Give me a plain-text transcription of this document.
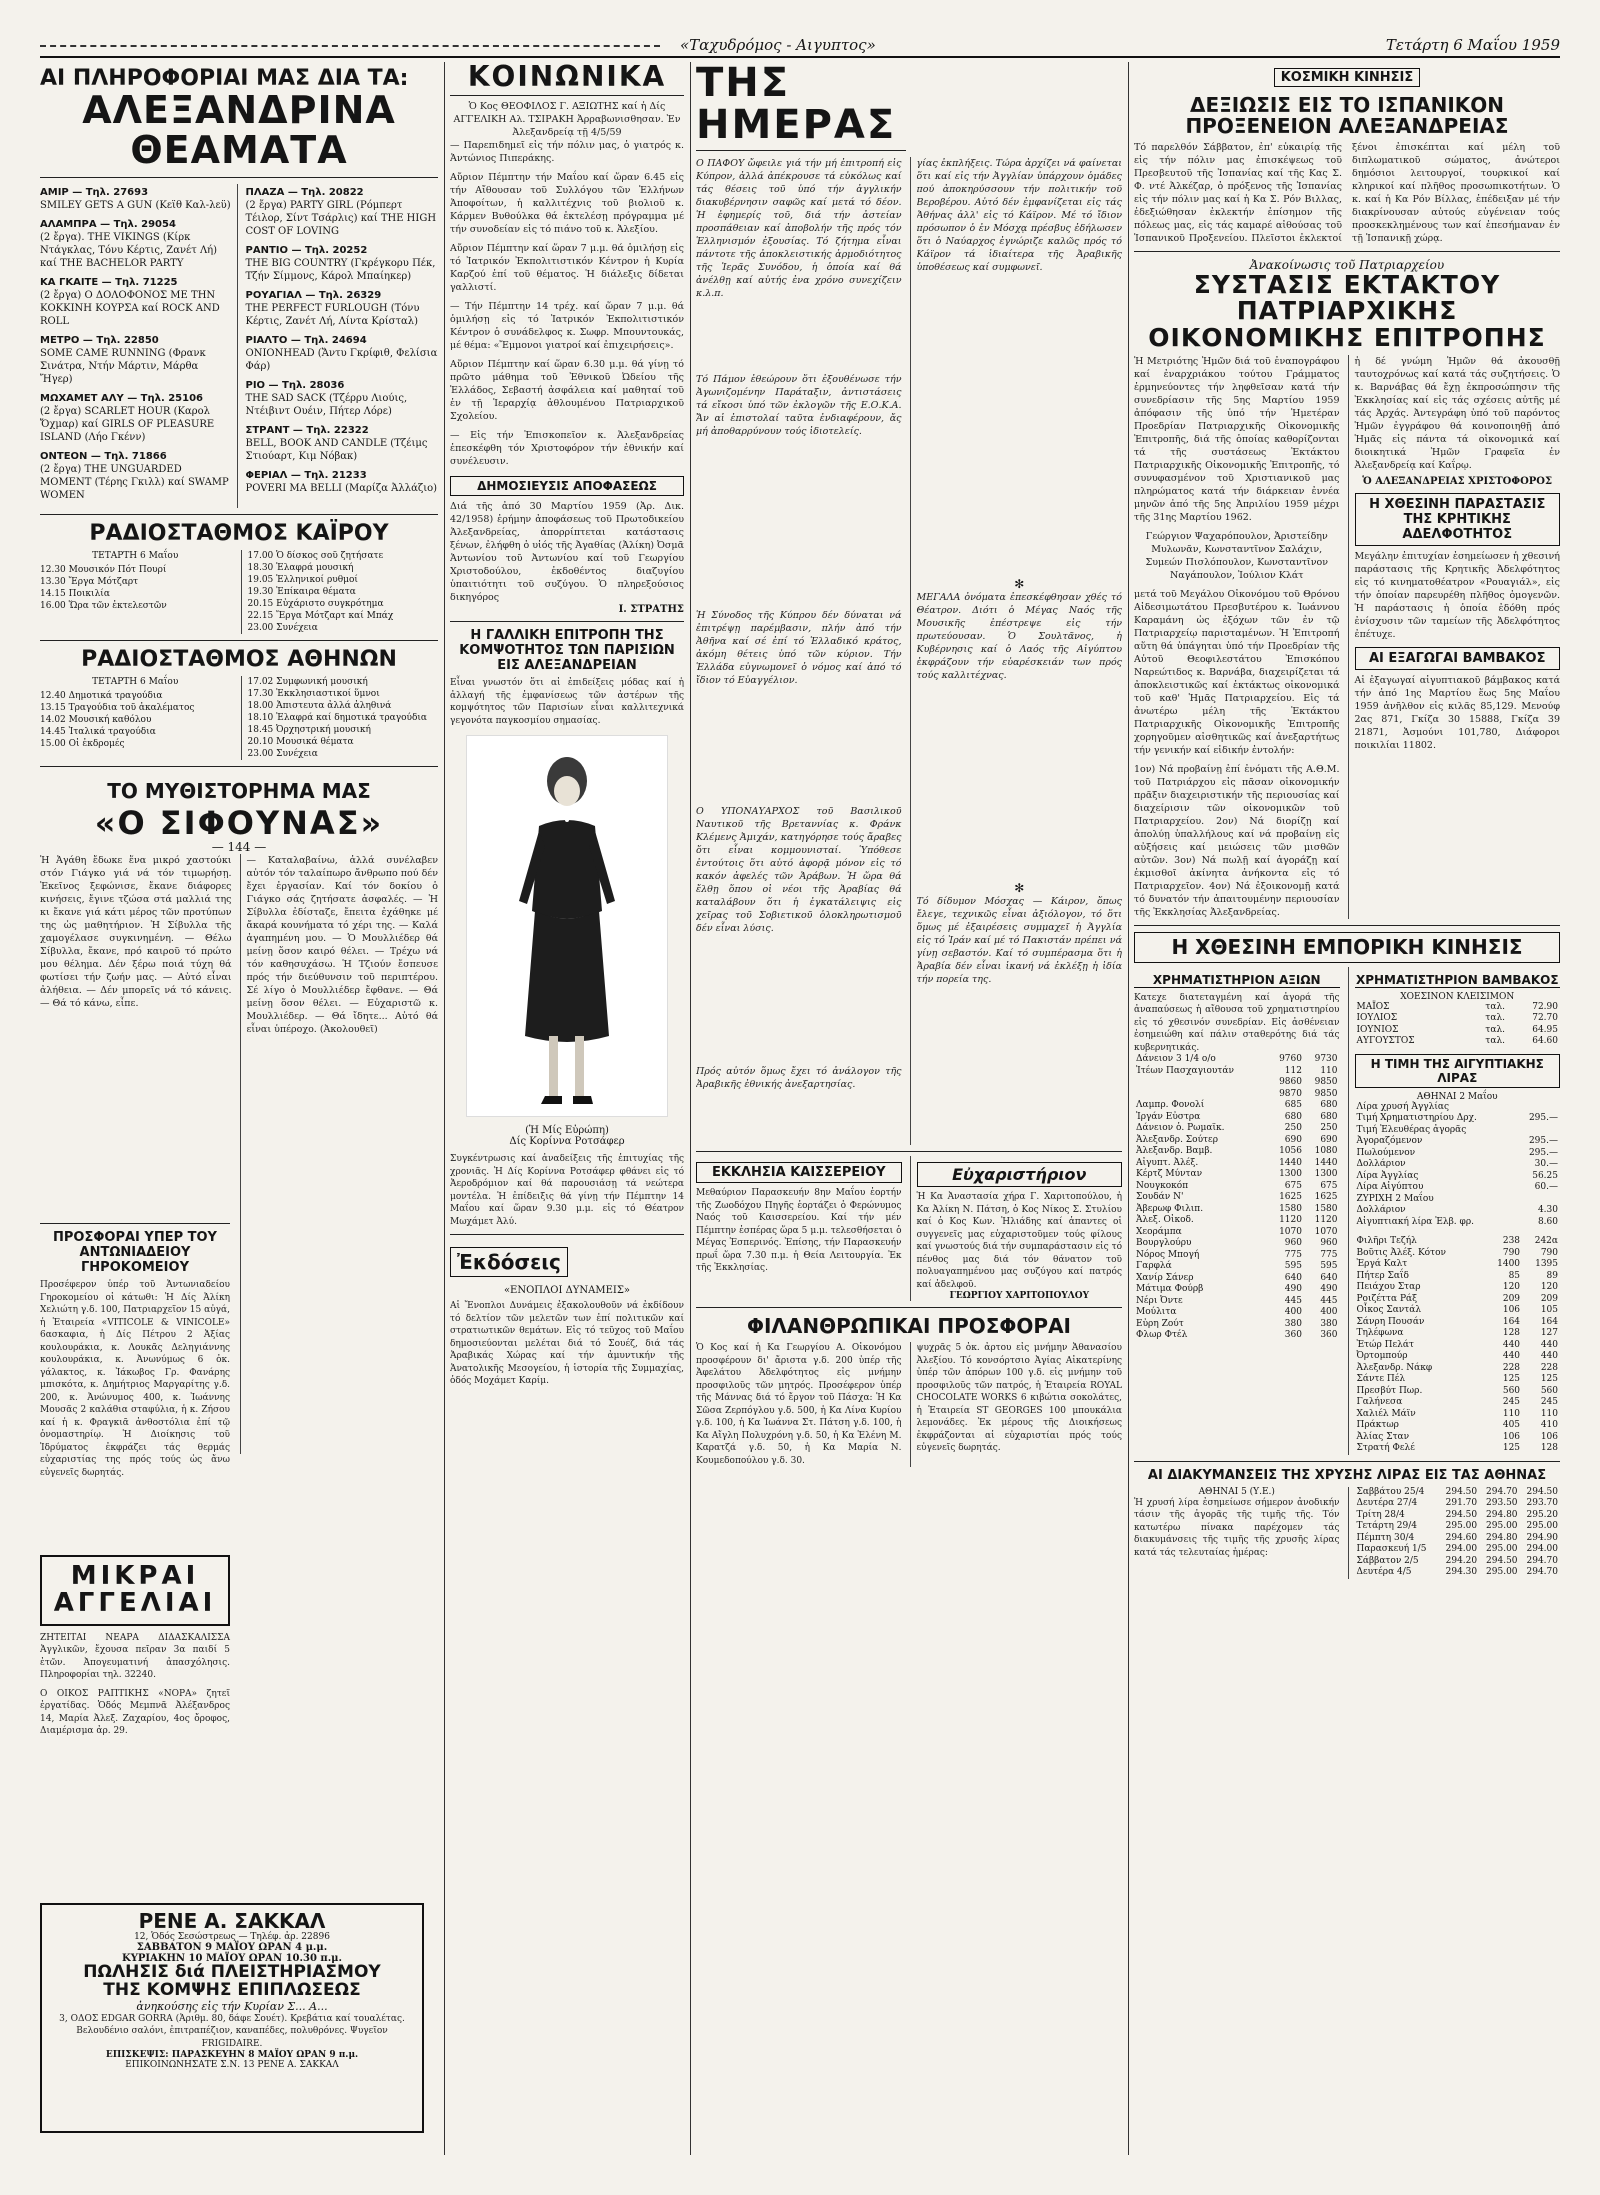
«Ταχυδρόμος - Αιγυπτος»	Τετάρτη 6 Μαΐου 1959
ΑΙ ΠΛΗΡΟΦΟΡΙΑΙ ΜΑΣ ΔΙΑ ΤΑ:
ΑΛΕΞΑΝΔΡΙΝΑ ΘΕΑΜΑΤΑ
ΑΜΙΡ — Τηλ. 27693
SMILEY GETS A GUN (Κεϊθ Καλ-λεϋ)
ΑΛΑΜΠΡΑ — Τηλ. 29054
(2 ἔργα). THE VIKINGS (Κίρκ Ντάγκλας, Τόνυ Κέρτις, Ζανέτ Λή) καί THE BACHELOR PARTY
ΚΑ ΓΚΑΙΤΕ — Τηλ. 71225
(2 ἔργα) Ο ΔΟΛΟΦΟΝΟΣ ΜΕ ΤΗΝ ΚΟΚΚΙΝΗ ΚΟΥΡΣΑ καί ROCK AND ROLL
ΜΕΤΡΟ — Τηλ. 22850
SOME CAME RUNNING (Φρανκ Σινάτρα, Ντήν Μάρτιν, Μάρθα Ἤγερ)
ΜΩΧΑΜΕΤ ΑΛΥ — Τηλ. 25106
(2 ἔργα) SCARLET HOUR (Καρολ Ὄχμαρ) καί GIRLS OF PLEASURE ISLAND (Λήο Γκένν)
ΟΝΤΕΟΝ — Τηλ. 71866
(2 ἔργα) THE UNGUARDED MOMENT (Τέρης Γκιλλ) καί SWAMP WOMEN
ΠΛΑΖΑ — Τηλ. 20822
(2 ἔργα) PARTY GIRL (Ρόμπερτ Τέιλορ, Σίντ Τσάρλις) καί THE HIGH COST OF LOVING
ΡΑΝΤΙΟ — Τηλ. 20252
THE BIG COUNTRY (Γκρέγκορυ Πέκ, Τζήν Σίμμονς, Κάρολ Μπαίηκερ)
ΡΟΥΑΓΙΑΛ — Τηλ. 26329
THE PERFECT FURLOUGH (Τόνυ Κέρτις, Ζανέτ Λή, Λίντα Κρίσταλ)
ΡΙΑΛΤΟ — Τηλ. 24694
ONIONHEAD (Ἄντυ Γκρίφιθ, Φελίσια Φάρ)
ΡΙΟ — Τηλ. 28036
THE SAD SACK (Τζέρρυ Λιούις, Ντέιβιντ Ουέιν, Πήτερ Λόρε)
ΣΤΡΑΝΤ — Τηλ. 22322
BELL, BOOK AND CANDLE (Τζέιμς Στιούαρτ, Κιμ Νόβακ)
ΦΕΡΙΑΛ — Τηλ. 21233
POVERI MA BELLI (Μαρίζα Ἀλλάζιο)
ΡΑΔΙΟΣΤΑΘΜΟΣ ΚΑΪΡΟΥ
ΤΕΤΑΡΤΗ 6 Μαΐου
12.30 Μουσικόν Πότ Πουρί
13.30 Ἔργα Μότζαρτ
14.15 Ποικιλία
16.00 Ὥρα τῶν ἐκτελεστῶν
17.00 Ὁ δίσκος σοῦ ζητήσατε
18.30 Ἑλαφρά μουσική
19.05 Ἑλληνικοί ρυθμοί
19.30 Ἐπίκαιρα θέματα
20.15 Εὐχάριστο συγκρότημα
22.15 Ἔργα Μότζαρτ καί Μπάχ
23.00 Συνέχεια
ΡΑΔΙΟΣΤΑΘΜΟΣ ΑΘΗΝΩΝ
ΤΕΤΑΡΤΗ 6 Μαΐου
12.40 Δημοτικά τραγούδια
13.15 Τραγούδια τοῦ ἀκαλέματος
14.02 Μουσική καθόλου
14.45 Ἰταλικά τραγούδια
15.00 Οἱ ἐκδρομές
17.02 Συμφωνική μουσική
17.30 Ἐκκλησιαστικοί ὕμνοι
18.00 Ἀπιστευτα ἀλλά ἀληθινά
18.10 Ἐλαφρά καί δημοτικά τραγούδια
18.45 Ὀρχηστρική μουσική
20.10 Μουσικά θέματα
23.00 Συνέχεια
ΤΟ ΜΥΘΙΣΤΟΡΗΜΑ ΜΑΣ
«Ο ΣΙΦΟΥΝΑΣ»
— 144 —

Ἡ Ἀγάθη ἔδωκε ἕνα μικρό χαστούκι στόν Γιάγκο γιά νά τόν τιμωρήσῃ. Ἐκεῖνος ξεφώνισε, ἔκανε διάφορες κινήσεις, ἔγινε τζώσα στά μαλλιά της κι ἔκανε γιά κάτι μέρος τῶν προτύπων της ὡς μαθητήριον. Ἡ Σίβυλλα τῆς χαμογέλασε συγκινημένη. — Θέλω Σίβυλλα, ἔκανε, πρό καιροῦ τό πρώτο μου θέλημα. Δέν ξέρω ποιά τύχη θά φωτίσει τήν ζωήν μας. — Αὐτό εἶναι ἀλήθεια. — Δέν μπορεῖς νά τό κάνεις. — Θά τό κάνω, εἶπε.

— Καταλαβαίνω, ἀλλά συνέλαβεν αὐτόν τόν ταλαίπωρο ἄνθρωπο πού δέν ἔχει ἐργασίαν. Καί τόν δοκίου ὁ Γιάγκο σάς ζητήσατε ἀσφαλές. — Ἡ Σίβυλλα ἐδίσταζε, ἔπειτα ἐχάθηκε μέ ἄκαρά κουνήματα τό χέρι της. — Καλά ἀγαπημένη μου. — Ὁ Μουλλιέδερ θά μείνῃ ὅσον καιρό θέλει. — Τρέχω νά τόν καθησυχάσω. Ἡ Τζιούν ἔσπευσε πρός τήν διεύθυνσιν τοῦ περιπτέρου. Σέ λίγο ὁ Μουλλιέδερ ἔφθανε. — Θά μείνῃ ὅσον θέλει. — Εὐχαριστῶ κ. Μουλλιέδερ. — Θά ἴδητε... Αὐτό θά εἶναι ὑπέροχο. (Ἀκολουθεῖ)

ΠΡΟΣΦΟΡΑΙ ΥΠΕΡ ΤΟΥ
ΑΝΤΩΝΙΑΔΕΙΟΥ ΓΗΡΟΚΟΜΕΙΟΥ

Προσέφερον ὑπέρ τοῦ Ἀντωνιαδείου Γηροκομείου οἱ κάτωθι: Ἡ Δίς Ἀλίκη Χελιώτη γ.δ. 100, Πατριαρχεῖον 15 αὐγά, ἡ Ἑταιρεία «VITICOLE & VINICOLE» 6ασκαφια, ἡ Δίς Πέτρου 2 Ἀξίας κουλουράκια, κ. Λουκᾶς Δεληγιάννης κουλουράκια, κ. Ἀνωνύμως 6 ὀκ. γάλακτος, κ. Ἰάκωβος Γρ. Φανάρης μπισκότα, κ. Δημήτριος Μαργαρίτης γ.δ. 200, κ. Ἀνώνυμος 400, κ. Ἰωάννης Μουσᾶς 2 καλάθια σταφύλια, ἡ κ. Ζήσου καί ἡ κ. Φραγκιᾶ ἀνθοστόλια ἐπί τῷ ὀνομαστηρίῳ. Ἡ Διοίκησις τοῦ Ἱδρύματος ἐκφράζει τάς θερμάς εὐχαριστίας της πρός τούς ὡς ἄνω εὐγενεῖς δωρητάς.

ΜΙΚΡΑΙ ΑΓΓΕΛΙΑΙ

ΖΗΤΕΙΤΑΙ ΝΕΑΡΑ ΔΙΔΑΣΚΑΛΙΣΣΑ Ἀγγλικῶν, ἔχουσα πεῖραν 3α παιδί 5 ἐτῶν. Ἀπογευματινή ἀπασχόλησις. Πληροφορίαι τηλ. 32240.

Ο ΟΙΚΟΣ ΡΑΠΤΙΚΗΣ «ΝΟΡΑ» ζητεῖ ἐργατίδας. Ὁδός Μεμπνᾶ Ἀλέξανδρος 14, Μαρία Ἀλεξ. Ζαχαρίου, 4ος ὄροφος, Διαμέρισμα ἀρ. 29.

ΡΕΝΕ Α. ΣΑΚΚΑΛ
12, Ὁδός Σεσώστρεως — Τηλέφ. ἀρ. 22896
ΣΑΒΒΑΤΟΝ 9 ΜΑΪΟΥ ΩΡΑΝ 4 μ.μ.
ΚΥΡΙΑΚΗΝ 10 ΜΑΪΟΥ ΩΡΑΝ 10.30 π.μ.
ΠΩΛΗΣΙΣ διά ΠΛΕΙΣΤΗΡΙΑΣΜΟΥ
ΤΗΣ ΚΟΜΨΗΣ ΕΠΙΠΛΩΣΕΩΣ
ἀνηκούσης εἰς τήν Κυρίαν Σ... Α...

3, ΟΔΟΣ EDGAR GORRA (Ἀριθμ. 80, δάφε Σουέτ). Κρεβάτια καί τουαλέτας. Βελουδένιο σαλόνι, ἐπιτραπέζιον, καναπέδες, πολυθρόνες. Ψυγεῖον FRIGIDAIRE.

ΕΠΙΣΚΕΨΙΣ: ΠΑΡΑΣΚΕΥΗΝ 8 ΜΑΪΟΥ ΩΡΑΝ 9 π.μ.
ΕΠΙΚΟΙΝΩΝΗΣΑΤΕ Σ.Ν. 13 ΡΕΝΕ Α. ΣΑΚΚΑΛ
ΚΟΙΝΩΝΙΚΑ

Ὁ Κος ΘΕΟΦΙΛΟΣ Γ. ΑΞΙΩΤΗΣ καί ἡ Δίς ΑΓΓΕΛΙΚΗ Αλ. ΤΣΙΡΑΚΗ Ἀρραβωνισθησαν. Ἐν Ἀλεξανδρείᾳ τῇ 4/5/59

— Παρεπιδημεῖ εἰς τήν πόλιν μας, ὁ γιατρός κ. Ἀντώνιος Πιπεράκης.

Αὔριον Πέμπτην τήν Μαΐου καί ὥραν 6.45 εἰς τήν Αἴθουσαν τοῦ Συλλόγου τῶν Ἑλλήνων Ἀποφοίτων, ἡ καλλιτέχνις τοῦ βιολιοῦ κ. Κάρμεν Βυθούλκα θά ἐκτελέσῃ πρόγραμμα μέ τήν συνοδείαν εἰς τό πιάνο τοῦ κ. Ἀλεξίου.

Αὔριον Πέμπτην καί ὥραν 7 μ.μ. θά ὁμιλήσῃ εἰς τό Ἰατρικόν Ἐκπολιτιστικόν Κέντρον ἡ Κυρία Καρζού ἐπί τοῦ θέματος. Ἡ διάλεξις δίδεται γαλλιστί.

— Τήν Πέμπτην 14 τρέχ. καί ὥραν 7 μ.μ. θά ὁμιλήσῃ εἰς τό Ἰατρικόν Ἐκπολιτιστικόν Κέντρον ὁ συνάδελφος κ. Σωφρ. Μπουντουκάς, μέ θέμα: «Ἔμμονοι γιατροί καί ἐπιχειρήσεις».

Αὔριον Πέμπτην καί ὥραν 6.30 μ.μ. θά γίνῃ τό πρῶτο μάθημα τοῦ Ἐθνικοῦ Ὠδείου τῆς Ἑλλάδος, Σεβαστή ἀσφάλεια καί μαθηταί τοῦ ἐν τῇ Ἱεραρχίᾳ ἀθλουμένου Πατριαρχικοῦ Σχολείου.

— Εἰς τήν Ἐπισκοπεῖον κ. Ἀλεξανδρείας ἐπεσκέφθη τόν Χριστοφόρον τήν ἐθνικήν καί συνέλευσιν.

ΔΗΜΟΣΙΕΥΣΙΣ ΑΠΟΦΑΣΕΩΣ

Διά τῆς ἀπό 30 Μαρτίου 1959 (Ἀρ. Δικ. 42/1958) ἐρήμην ἀποφάσεως τοῦ Πρωτοδικείου Ἀλεξανδρείας, ἀπορρίπτεται κατάστασις ξένων, ἐλήφθη ὁ υἱός τῆς Ἀγαθίας (Ἀλίκη) Ὀσμᾶ Ἀντωνίου τοῦ Ἀντωνίου καί τοῦ Γεωργίου Χριστοδούλου, ἐκδοθέντος διαζυγίου ὑπαιτιότητι τοῦ συζύγου. Ὁ πληρεξούσιος δικηγόρος

Ι. ΣΤΡΑΤΗΣ
Η ΓΑΛΛΙΚΗ ΕΠΙΤΡΟΠΗ ΤΗΣ
ΚΟΜΨΟΤΗΤΟΣ ΤΩΝ ΠΑΡΙΣΙΩΝ
ΕΙΣ ΑΛΕΞΑΝΔΡΕΙΑΝ

Εἶναι γνωστόν ὅτι αἱ ἐπιδείξεις μόδας καί ἡ ἀλλαγή τῆς ἐμφανίσεως τῶν ἀστέρων τῆς κομψότητος τῶν Παρισίων εἶναι καλλιτεχνικά γεγονότα παγκοσμίου σημασίας.

(Ἡ Μίς Εὐρώπη)
Δίς Κορίννα Ροτσάφερ

Συγκέντρωσις καί ἀναδείξεις τῆς ἐπιτυχίας τῆς χρονιᾶς. Ἡ Δίς Κορίννα Ροτσάφερ φθάνει εἰς τό Ἀεροδρόμιον καί θά παρουσιάσῃ τά νεώτερα μοντέλα. Ἡ ἐπίδειξις θά γίνῃ τήν Πέμπτην 14 Μαΐου καί ὥραν 9.30 μ.μ. εἰς τό Θέατρον Μωχάμετ Ἀλύ.

Ἐκδόσεις
«ΕΝΟΠΛΟΙ ΔΥΝΑΜΕΙΣ»

Αἱ Ἔνοπλοι Δυνάμεις ἐξακολουθοῦν νά ἐκδίδουν τό δελτίον τῶν μελετῶν των ἐπί πολιτικῶν καί στρατιωτικῶν θεμάτων. Εἰς τό τεῦχος τοῦ Μαΐου δημοσιεύονται μελέται διά τό Σουέζ, διά τάς Ἀραβικάς Χώρας καί τήν ἀμυντικήν τῆς Ἀνατολικῆς Μεσογείου, ἡ ἱστορία τῆς Συμμαχίας, ὁδός Μοχάμετ Καρίμ.

ΤΗΣ ΗΜΕΡΑΣ

Ο ΠΑΦΟΥ ὤφειλε γιά τήν μή ἐπιτροπή εἰς Κύπρον, ἀλλά ἀπέκρουσε τά εὐκόλως καί τάς θέσεις τοῦ ὑπό τήν ἀγγλικήν διακυβέρνησιν σαφῶς καί μετά τό δέον. Ἡ ἐφημερίς τοῦ, διά τήν ἀστείαν προσπάθειαν καί ἀποβολήν τῆς πρός τόν Ἑλληνισμόν ἐξουσίας. Τό ζήτημα εἶναι πάντοτε τῆς ἀποκλειστικής ἁρμοδιότητος τῆς Ἱερᾶς Συνόδου, ἡ ὁποία καί θά ἀνέλθῃ καί αὐτής ἐνα χρόνο συνεχίζειν κ.λ.π.

Τό Πάμον ἐθεώρουν ὅτι ἐξουθένωσε τήν Ἀγωνιζομένην Παράταξιν, ἀντιστάσεις τά εἴκοσι ὑπό τῶν ἐκλογῶν τῆς Ε.Ο.Κ.Α. Ἄν αἱ ἐπιστολαί ταῦτα ἐνδιαφέρουν, ἄς μή ἀποθαρρύνουν τούς ἰδιοτελείς.

Ἡ Σύνοδος τῆς Κύπρου δέν δύναται νά ἐπιτρέψῃ παρέμβασιν, πλήν ἀπό τήν Ἀθῆνα καί σέ ἐπί τό Ἑλλαδικό κράτος, ἀκόμη θέτεις ὑπό τῶν κύριον. Τήν Ἑλλάδα εὐγνωμονεῖ ὁ νόμος καί ἀπό τό ἴδιον τό Εὐαγγέλιον.

Ο ΥΠΟΝΑΥΑΡΧΟΣ τοῦ Βασιλικοῦ Ναυτικοῦ τῆς Βρεταννίας κ. Φράνκ Κλέμενς Ἀμιχάν, κατηγόρησε τούς ἄραβες ὅτι εἶναι κομμουνισταί. Ὑπόθεσε ἐντούτοις ὅτι αὐτό ἀφορᾷ μόνον εἰς τό κακόν ἀφελές τῶν Ἀράβων. Ἡ ὥρα θά ἔλθῃ ὅπου οἱ νέοι τῆς Ἀραβίας θά καταλάβουν ὅτι ἡ ἐγκατάλειψις εἰς χεῖρας τοῦ Σοβιετικοῦ ὁλοκληρωτισμοῦ δέν εἶναι λύσις.

Πρός αὐτόν ὅμως ἔχει τό ἀνάλογον τῆς Ἀραβικῆς ἐθνικής ἀνεξαρτησίας.

γίας ἐκπλήξεις. Τώρα ἀρχίζει νά φαίνεται ὅτι καί εἰς τήν Ἀγγλίαν ὑπάρχουν ὁμάδες πού ἀποκηρύσσουν τήν πολιτικήν τοῦ Βεροβέρου. Αὐτό δέν ἐμφανίζεται εἰς τάς Ἀθήνας ἀλλ' εἰς τό Κάϊρον. Μέ τό ἴδιον πρόσωπον ὁ ἐν Μόσχᾳ πρέσβυς ἐδήλωσεν ὅτι ὁ Ναύαρχος ἐγνώριζε καλῶς πρός τό Κάϊρον τά ἰδιαίτερα τῆς Ἀραβικῆς ὑποθέσεως καί συμφωνεῖ.

✻

ΜΕΓΑΛΑ ὀνόματα ἐπεσκέφθησαν χθές τό Θέατρον. Διότι ὁ Μέγας Ναός τῆς Μουσικῆς ἐπέστρεψε εἰς τήν πρωτεύουσαν. Ὁ Σουλτᾶνος, ἡ Κυβέρνησις καί ὁ Λαός τῆς Αἰγύπτου ἐκφράζουν τήν εὐαρέσκειάν των πρός τούς καλλιτέχνας.

✻

Τό δίδυμον Μόσχας — Κάιρον, ὅπως ἔλεγε, τεχνικῶς εἶναι ἀξιόλογον, τό ὅτι ὅμως μέ ἐξαιρέσεις συμμαχεῖ ἡ Ἀγγλία εἰς τό Ἰράν καί μέ τό Πακιστάν πρέπει νά γίνῃ σεβαστόν. Καί τό συμπέρασμα ὅτι ἡ Ἀραβία δέν εἶναι ἱκανή νά ἐκλέξῃ ἡ ἰδία τήν πορεία της.

ΕΚΚΛΗΣΙΑ ΚΑΙΣΣΕΡΕΙΟΥ

Μεθαύριον Παρασκευήν 8ην Μαΐου ἑορτήν τῆς Ζωοδόχου Πηγῆς ἑορτάζει ὁ Φερώνυμος Ναός τοῦ Καισσερείου. Καί τήν μέν Πέμπτην ἑσπέρας ὥρα 5 μ.μ. τελεσθήσεται ὁ Μέγας Ἑσπερινός. Ἐπίσης, τήν Παρασκευήν πρωΐ ὥρα 7.30 π.μ. ἡ Θεία Λειτουργία. Ἐκ τῆς Ἐκκλησίας.

Εὐχαριστήριον

Ἡ Κα Ἀναστασία χήρα Γ. Χαριτοπούλου, ἡ Κα Ἀλίκη Ν. Πάτση, ὁ Κος Νίκος Σ. Στυλίου καί ὁ Κος Κων. Ἠλιάδης καί ἁπαντες οἱ συγγενεῖς μας εὐχαριστοῦμεν τούς φίλους καί γνωστούς διά τήν συμπαράστασιν εἰς τό πένθος μας διά τόν θάνατον τοῦ πολυαγαπημένου μας συζύγου καί πατρός καί ἀδελφοῦ.

ΓΕΩΡΓΙΟΥ ΧΑΡΙΤΟΠΟΥΛΟΥ
ΦΙΛΑΝΘΡΩΠΙΚΑΙ ΠΡΟΣΦΟΡΑΙ

Ὁ Κος καί ἡ Κα Γεωργίου Α. Οἰκονόμου προσφέρουν δι' ἄριστα γ.δ. 200 ὑπέρ τῆς Ἀφελάτου Ἀδελφότητος εἰς μνήμην προσφιλοῦς τῶν μητρός. Προσέφερον ὑπέρ τῆς Μάννας διά τό ἔργον τοῦ Πάσχα: Ἡ Κα Σῶσα Ζερπόγλου γ.δ. 500, ἡ Κα Λίνα Κυρίου γ.δ. 100, ἡ Κα Ἰωάννα Στ. Πάτση γ.δ. 100, ἡ Κα Αἴγλη Πολυχρόνη γ.δ. 50, ἡ Κα Ἑλένη Μ. Καρατζά γ.δ. 50, ἡ Κα Μαρία Ν. Κουμεδοπούλου γ.δ. 30.

ψυχρᾶς 5 ὀκ. ἀρτου εἰς μνήμην Ἀθανασίου Ἀλεξίου. Τό κονσόρτσιο Ἀγίας Αἰκατερίνης ὑπέρ τῶν ἀπόρων 100 γ.δ. εἰς μνήμην τοῦ προσφιλοῦς τῶν πατρός, ἡ Ἑταιρεία ROYAL CHOCOLATE WORKS 6 κιβώτια σοκολάτες, ἡ Ἑταιρεία ST GEORGES 100 μπουκάλια λεμονάδες. Ἐκ μέρους τῆς Διοικήσεως ἐκφράζονται αἱ εὐχαριστίαι πρός τούς εὐγενεῖς δωρητάς.

ΚΟΣΜΙΚΗ ΚΙΝΗΣΙΣ
ΔΕΞΙΩΣΙΣ ΕΙΣ ΤΟ ΙΣΠΑΝΙΚΟΝ ΠΡΟΞΕΝΕΙΟΝ ΑΛΕΞΑΝΔΡΕΙΑΣ

Τό παρελθόν Σάββατον, ἐπ' εὐκαιρίᾳ τῆς εἰς τήν πόλιν μας ἐπισκέψεως τοῦ Πρεσβευτοῦ τῆς Ἱσπανίας καί τῆς Κας Σ. Φ. ντέ Ἀλκέζαρ, ὁ πρόξενος τῆς Ἱσπανίας εἰς τήν πόλιν μας καί ἡ Κα Σ. Ρόν Βιλλας, ἐδεξιώθησαν ἐκλεκτήν ἐπίσημον τῆς πόλεως μας, εἰς τάς καμαρέ αἰθούσας τοῦ Ἱσπανικοῦ Προξενείου. Πλεῖστοι ἐκλεκτοί ξένοι ἐπισκέπται καί μέλη τοῦ διπλωματικοῦ σώματος, ἀνώτεροι δημόσιοι λειτουργοί, τουρκικοί καί κληρικοί καί πλῆθος προσωπικοτήτων. Ὁ κ. καί ἡ Κα Ρόν Βίλλας, ἐπέδειξαν μέ τήν διακρίνουσαν αὐτούς εὐγένειαν τούς προσκεκλημένους των καί ἐπεσήμαναν ἐν τῇ Ἱσπανικῇ χώρᾳ.

Ἀνακοίνωσις τοῦ Πατριαρχείου
ΣΥΣΤΑΣΙΣ ΕΚΤΑΚΤΟΥ ΠΑΤΡΙΑΡΧΙΚΗΣ ΟΙΚΟΝΟΜΙΚΗΣ ΕΠΙΤΡΟΠΗΣ

Ἡ Μετριότης Ἡμῶν διά τοῦ ἐναπογράφου καί ἐναρχριάκου τούτου Γράμματος ἑρμηνεύοντες τήν ληφθεῖσαν κατά τήν συνεδρίασιν τῆς 5ης Μαρτίου 1959 ἀπόφασιν τῆς ὑπό τήν Ἡμετέραν Προεδρίαν Πατριαρχικῆς Οἰκονομικῆς Ἐπιτροπῆς, διά τῆς ὁποίας καθορίζονται τά τῆς συστάσεως Ἐκτάκτου Πατριαρχικῆς Οἰκονομικῆς Ἐπιτροπῆς, τό συνυφασμένον τοῦ Χριστιανικοῦ μας πληρώματος κατά τήν διάρκειαν ἐννέα μηνῶν ἀπό τῆς 5ης Ἀπριλίου 1959 μέχρι τῆς 31ης Μαρτίου 1962.

Γεώργιον Ψαχαρόπουλον, Ἀριστείδην Μυλωνᾶν, Κωνσταντῖνον Σαλάχιν, Συμεών Πισλόπουλον, Κωνσταντῖνον Ναγάπουλον, Ἰούλιον Κλάτ

μετά τοῦ Μεγάλου Οἰκονόμου τοῦ Θρόνου Αἰδεσιμωτάτου Πρεσβυτέρου κ. Ἰωάννου Καραμάνη ὡς ἐξόχων τῶν ἐν τῷ Πατριαρχείῳ παρισταμένων. Ἡ Ἐπιτροπή αὕτη θά ὑπάγηται ὑπό τήν Προεδρίαν τῆς Αὐτοῦ Θεοφιλεστάτου Ἐπισκόπου Ναρεώτιδος κ. Βαρνάβα, διαχειρίζεται τά ἀποκλειστικῶς καί ἐκτάκτως οἰκονομικά τοῦ καθ' Ἡμᾶς Πατριαρχείου. Εἰς τά ἀνωτέρω μέλη τῆς Ἐκτάκτου Πατριαρχικῆς Οἰκονομικῆς Ἐπιτροπῆς χορηγοῦμεν αἰσθητικῶς καί ἀνεξαρτήτως τήν γενικήν καί εἰδικήν ἐντολήν:

1ον) Νά προβαίνῃ ἐπί ἐνόματι τῆς Α.Θ.Μ. τοῦ Πατριάρχου εἰς πᾶσαν οἰκονομικήν πρᾶξιν διαχειριστικήν τῆς περιουσίας καί διαχείρισιν τῶν οἰκονομικῶν τοῦ Πατριαρχείου. 2ον) Νά διορίζῃ καί ἀπολύῃ ὑπαλλήλους καί νά προβαίνῃ εἰς αὐξήσεις καί μειώσεις τῶν μισθῶν αὐτῶν. 3ον) Νά πωλῇ καί ἀγοράζῃ καί ἐκμισθοῖ ἀκίνητα ἀνήκοντα εἰς τό Πατριαρχεῖον. 4ον) Νά ἐξοικονομῇ κατά τό δυνατόν τήν ἀπαιτουμένην περιουσίαν τῆς Ἐκκλησίας Ἀλεξανδρείας.

ἡ δέ γνώμη Ἡμῶν θά ἀκουσθῇ ταυτοχρόνως καί κατά τάς συζητήσεις. Ὁ κ. Βαρνάβας θά ἔχῃ ἐκπροσώπησιν τῆς Ἐκκλησίας καί εἰς τάς σχέσεις αὐτῆς μέ τάς Ἀρχάς. Ἀντεγράφη ὑπό τοῦ παρόντος Ἡμῶν ἐγγράφου θά κοινοποιηθῇ ἀπό Ἡμᾶς εἰς πάντα τά οἰκονομικά καί διοικητικά Ἡμῶν Γραφεῖα ἐν Ἀλεξανδρείᾳ καί Καΐρῳ.

Ὁ ΑΛΕΞΑΝΔΡΕΙΑΣ ΧΡΙΣΤΟΦΟΡΟΣ
Η ΧΘΕΣΙΝΗ ΠΑΡΑΣΤΑΣΙΣ ΤΗΣ ΚΡΗΤΙΚΗΣ ΑΔΕΛΦΟΤΗΤΟΣ

Μεγάλην ἐπιτυχίαν ἐσημείωσεν ἡ χθεσινή παράστασις τῆς Κρητικῆς Ἀδελφότητος εἰς τό κινηματοθέατρον «Ρουαγιάλ», εἰς τήν ὁποίαν παρευρέθη πλῆθος ὁμογενῶν. Ἡ παράστασις ἡ ὁποία ἐδόθη πρός ἐνίσχυσιν τῶν ταμείων τῆς Ἀδελφότητος ἐπέτυχε.

ΑΙ ΕΞΑΓΩΓΑΙ ΒΑΜΒΑΚΟΣ

Αἱ ἐξαγωγαί αἰγυπτιακοῦ βάμβακος κατά τήν ἀπό 1ης Μαρτίου ἕως 5ης Μαΐου 1959 ἀνῆλθον εἰς κιλᾶς 85,129. Μενούφ 2ας 871, Γκίζα 30 15888, Γκίζα 39 21871, Ἀσμούνι 101,780, Διάφοροι ποικιλίαι 11802.

Η ΧΘΕΣΙΝΗ ΕΜΠΟΡΙΚΗ ΚΙΝΗΣΙΣ
ΧΡΗΜΑΤΙΣΤΗΡΙΟΝ ΑΞΙΩΝ

Κατεχε διατεταγμένη καί ἀγορά τῆς ἀναπαύσεως ἡ αἴθουσα τοῦ χρηματιστηρίου εἰς τό χθεσινόν συνεδρίαν. Εἰς ἀσθένειαν ἐσημειώθη καί πάλιν σταθερότης διά τάς κυβερνητικάς.

Δάνειον 3 1/4 ο/ο	9760	9730
Ἰτέων Πασχαγιουτάν	112	110
	9860	9850
	9870	9850
Λαμπρ. Φονολί	685	680
Ἰργάν Εὐστρα	680	680
Δάνειον ὁ. Ρωμαϊκ.	250	250
Ἀλεξανδρ. Σούτερ	690	690
Ἀλεξανδρ. Βαμβ.	1056	1080
Αἰγυπτ. Ἀλέξ.	1440	1440
Κέρτζ Μύνταν	1300	1300
Νουγκοκόπ	675	675
Σουδάν Ν'	1625	1625
Ἀβερωφ Φιλιπ.	1580	1580
Ἀλεξ. Οἰκοδ.	1120	1120
Χεοράμπα	1070	1070
Βουργλούρυ	960	960
Νόρος Μπογή	775	775
Γαρφλά	595	595
Χανίρ Σάνερ	640	640
Μάτιμα Φούρβ	490	490
Νέρι Ὀντε	445	445
Μούλιτα	400	400
Εὐρη Ζούτ	380	380
Φλωρ Φτέλ	360	360
ΧΡΗΜΑΤΙΣΤΗΡΙΟΝ ΒΑΜΒΑΚΟΣ
ΧΟΕΣΙΝΟΝ ΚΛΕΙΣΙΜΟΝ
ΜΑΪΟΣ	ταλ.	72.90
ΙΟΥΛΙΟΣ	ταλ.	72.70
ΙΟΥΝΙΟΣ	ταλ.	64.95
ΑΥΓΟΥΣΤΟΣ	ταλ.	64.60
Η ΤΙΜΗ ΤΗΣ ΑΙΓΥΠΤΙΑΚΗΣ ΛΙΡΑΣ
ΑΘΗΝΑΙ 2 Μαΐου
Λίρα χρυσή Ἀγγλίας	
Τιμή Χρηματιστηρίου Δρχ.	295.—
Τιμή Ἐλευθέρας ἀγορᾶς	
Ἀγοραζόμενον	295.—
Πωλούμενον	295.—
Δολλάριον	30.—
Λίρα Ἀγγλίας	56.25
Λίρα Αἰγύπτου	60.—
ΖΥΡΙΧΗ 2 Μαΐου	
Δολλάριον	4.30
Αἰγυπτιακή λίρα Ἐλβ. φρ.	8.60
Φιλῆρι Τεζήλ	238	242α
Βοῦτις Ἀλέξ. Κότον	790	790
Ἐργά Καλτ	1400	1395
Πήτερ Σαΐδ	85	89
Πειάχου Σταρ	120	120
Ροιζέττα Ράξ	209	209
Οἶκος Σαντάλ	106	105
Σάνρη Πουσάν	164	164
Τηλέφωνα	128	127
Ἐτώρ Πελάτ	440	440
Ὀρτομπούρ	440	440
Ἀλεξανδρ. Νάκφ	228	228
Σάντε Πέλ	125	125
Πρεσβύτ Πωρ.	560	560
Γαλήνεσα	245	245
Χαλιέλ Μάϊν	110	110
Πράκτωρ	405	410
Ἀλίας Σταν	106	106
Στρατή Φελέ	125	128
ΑΙ ΔΙΑΚΥΜΑΝΣΕΙΣ ΤΗΣ ΧΡΥΣΗΣ ΛΙΡΑΣ ΕΙΣ ΤΑΣ ΑΘΗΝΑΣ
ΑΘΗΝΑΙ 5 (Υ.Ε.)

Ἡ χρυσή λίρα ἐσημείωσε σήμερον ἀνοδικήν τάσιν τῆς ἀγορᾶς τῆς τιμῆς τῆς. Τόν κατωτέρω πίνακα παρέχομεν τάς διακυμάνσεις τῆς τιμῆς τῆς χρυσῆς λίρας κατά τάς τελευταίας ἡμέρας:

Σαββάτου 25/4	294.50	294.70	294.50
Δευτέρα 27/4	291.70	293.50	293.70
Τρίτη 28/4	294.50	294.80	295.20
Τετάρτη 29/4	295.00	295.00	295.00
Πέμπτη 30/4	294.60	294.80	294.90
Παρασκευή 1/5	294.00	295.00	294.00
Σάββατον 2/5	294.20	294.50	294.70
Δευτέρα 4/5	294.30	295.00	294.70
